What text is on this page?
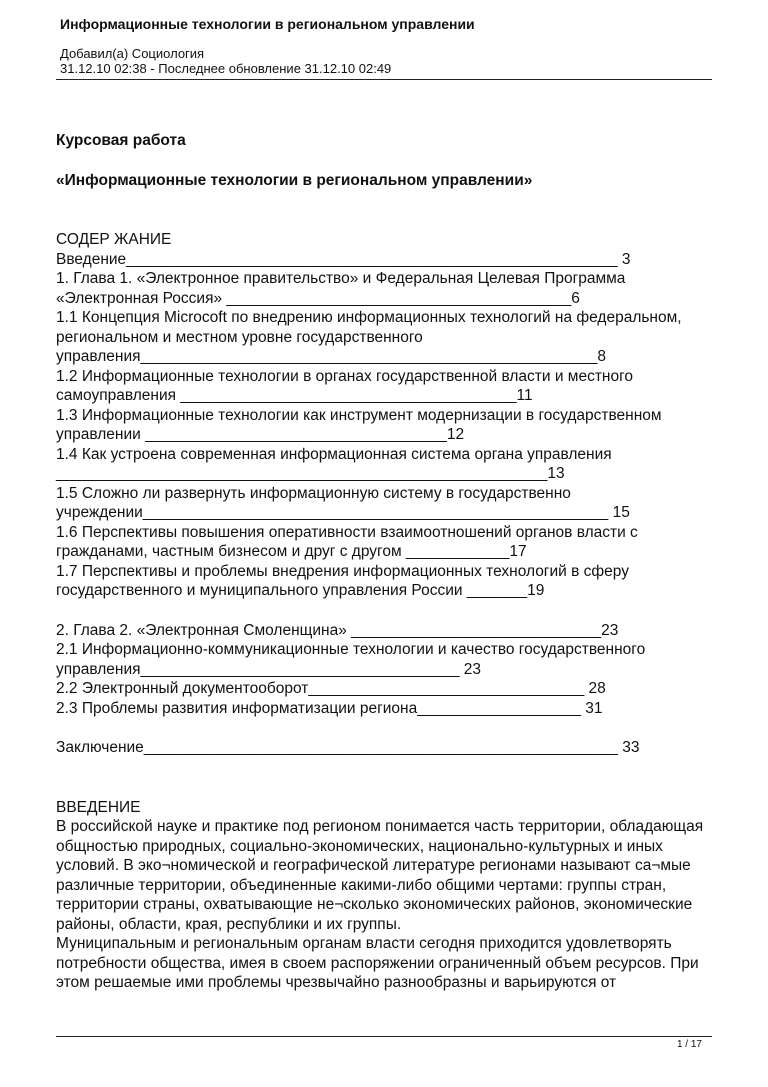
Информационные технологии в региональном управлении
Добавил(а) Социология
31.12.10 02:38 - Последнее обновление 31.12.10 02:49
Курсовая работа
«Информационные технологии в региональном управлении»
СОДЕР ЖАНИЕ
Введение_________________________________________________________ 3
1. Глава 1. «Электронное правительство» и Федеральная Целевая Программа
«Электронная Россия» ________________________________________6
1.1 Концепция Microcoft по внедрению информационных технологий на федеральном,
региональном и местном уровне государственного
управления_____________________________________________________8
1.2 Информационные технологии в органах государственной власти и местного
самоуправления _______________________________________11
1.3 Информационные технологии как инструмент модернизации в государственном
управлении ___________________________________12
1.4 Как устроена современная информационная система органа управления
_________________________________________________________13
1.5 Сложно ли развернуть информационную систему в государственно
учреждении______________________________________________________ 15
1.6 Перспективы повышения оперативности взаимоотношений органов власти с
гражданами, частным бизнесом и друг с другом ____________17
1.7 Перспективы и проблемы внедрения информационных технологий в сферу
государственного и муниципального управления России _______19
2. Глава 2. «Электронная Смоленщина» _____________________________23
2.1 Информационно-коммуникационные технологии и качество государственного
управления_____________________________________ 23
2.2 Электронный документооборот________________________________ 28
2.3 Проблемы развития информатизации региона___________________ 31
Заключение_______________________________________________________ 33
ВВЕДЕНИЕ
В российской науке и практике под регионом понимается часть территории, обладающая
общностью природных, социально-экономических, национально-культурных и иных
условий. В эко¬номической и географической литературе регионами называют са¬мые
различные территории, объединенные какими-либо общими чертами: группы стран,
территории страны, охватывающие не¬сколько экономических районов, экономические
районы, области, края, республики и их группы.
Муниципальным и региональным органам власти сегодня приходится удовлетворять
потребности общества, имея в своем распоряжении ограниченный объем ресурсов. При
этом решаемые ими проблемы чрезвычайно разнообразны и варьируются от
1 / 17
